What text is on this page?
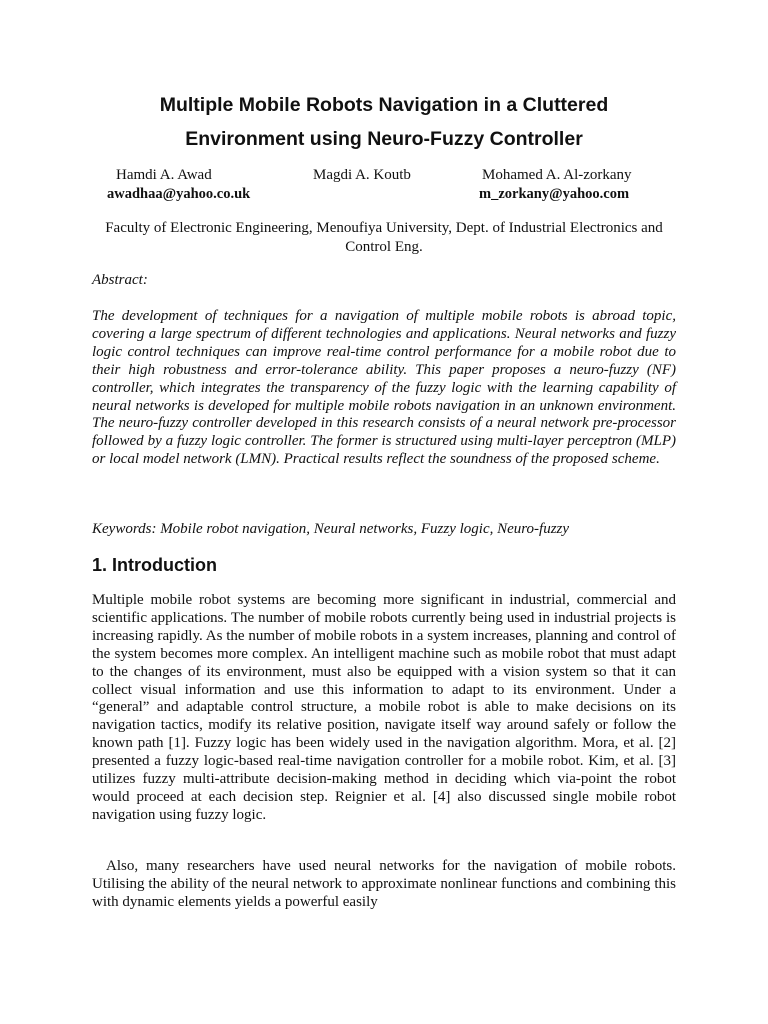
Multiple Mobile Robots Navigation in a Cluttered
Environment using Neuro-Fuzzy Controller
Hamdi A. Awad
awadhaa@yahoo.co.uk
Magdi A. Koutb	Mohamed A. Al-zorkany
m_zorkany@yahoo.com

Faculty of Electronic Engineering, Menoufiya University, Dept. of Industrial Electronics and Control Eng.

Abstract:

The development of techniques for a navigation of multiple mobile robots is abroad topic, covering a large spectrum of different technologies and applications. Neural networks and fuzzy logic control techniques can improve real-time control performance for a mobile robot due to their high robustness and error-tolerance ability. This paper proposes a neuro-fuzzy (NF) controller, which integrates the transparency of the fuzzy logic with the learning capability of neural networks is developed for multiple mobile robots navigation in an unknown environment. The neuro-fuzzy controller developed in this research consists of a neural network pre-processor followed by a fuzzy logic controller. The former is structured using multi-layer perceptron (MLP) or local model network (LMN). Practical results reflect the soundness of the proposed scheme.

Keywords: Mobile robot navigation, Neural networks, Fuzzy logic, Neuro-fuzzy

1. Introduction

Multiple mobile robot systems are becoming more significant in industrial, commercial and scientific applications. The number of mobile robots currently being used in industrial projects is increasing rapidly. As the number of mobile robots in a system increases, planning and control of the system becomes more complex. An intelligent machine such as mobile robot that must adapt to the changes of its environment, must also be equipped with a vision system so that it can collect visual information and use this information to adapt to its environment. Under a “general” and adaptable control structure, a mobile robot is able to make decisions on its navigation tactics, modify its relative position, navigate itself way around safely or follow the known path [1]. Fuzzy logic has been widely used in the navigation algorithm. Mora, et al. [2] presented a fuzzy logic-based real-time navigation controller for a mobile robot. Kim, et al. [3] utilizes fuzzy multi-attribute decision-making method in deciding which via-point the robot would proceed at each decision step. Reignier et al. [4] also discussed single mobile robot navigation using fuzzy logic.

Also, many researchers have used neural networks for the navigation of mobile robots. Utilising the ability of the neural network to approximate nonlinear functions and combining this with dynamic elements yields a powerful easily
